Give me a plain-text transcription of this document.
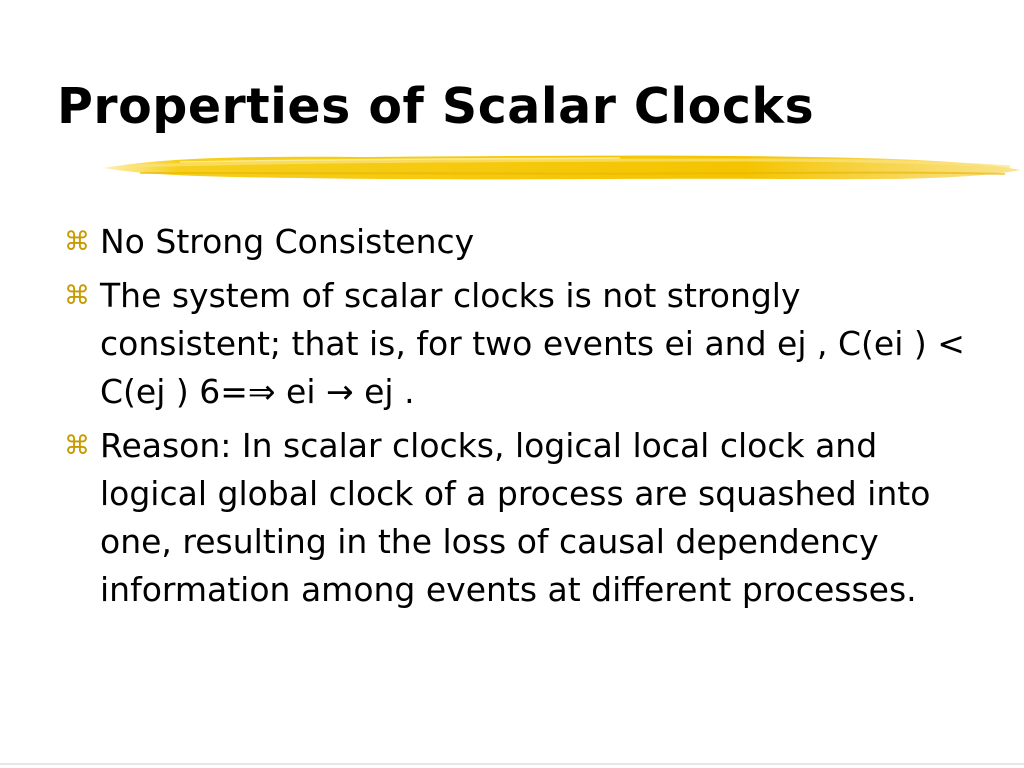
Properties of Scalar Clocks
⌘ No Strong Consistency
⌘ The system of scalar clocks is not strongly consistent; that is, for two events ei and ej , C(ei ) < C(ej ) 6=⇒ ei → ej .
⌘ Reason: In scalar clocks, logical local clock and logical global clock of a process are squashed into one, resulting in the loss of causal dependency information among events at different processes.
